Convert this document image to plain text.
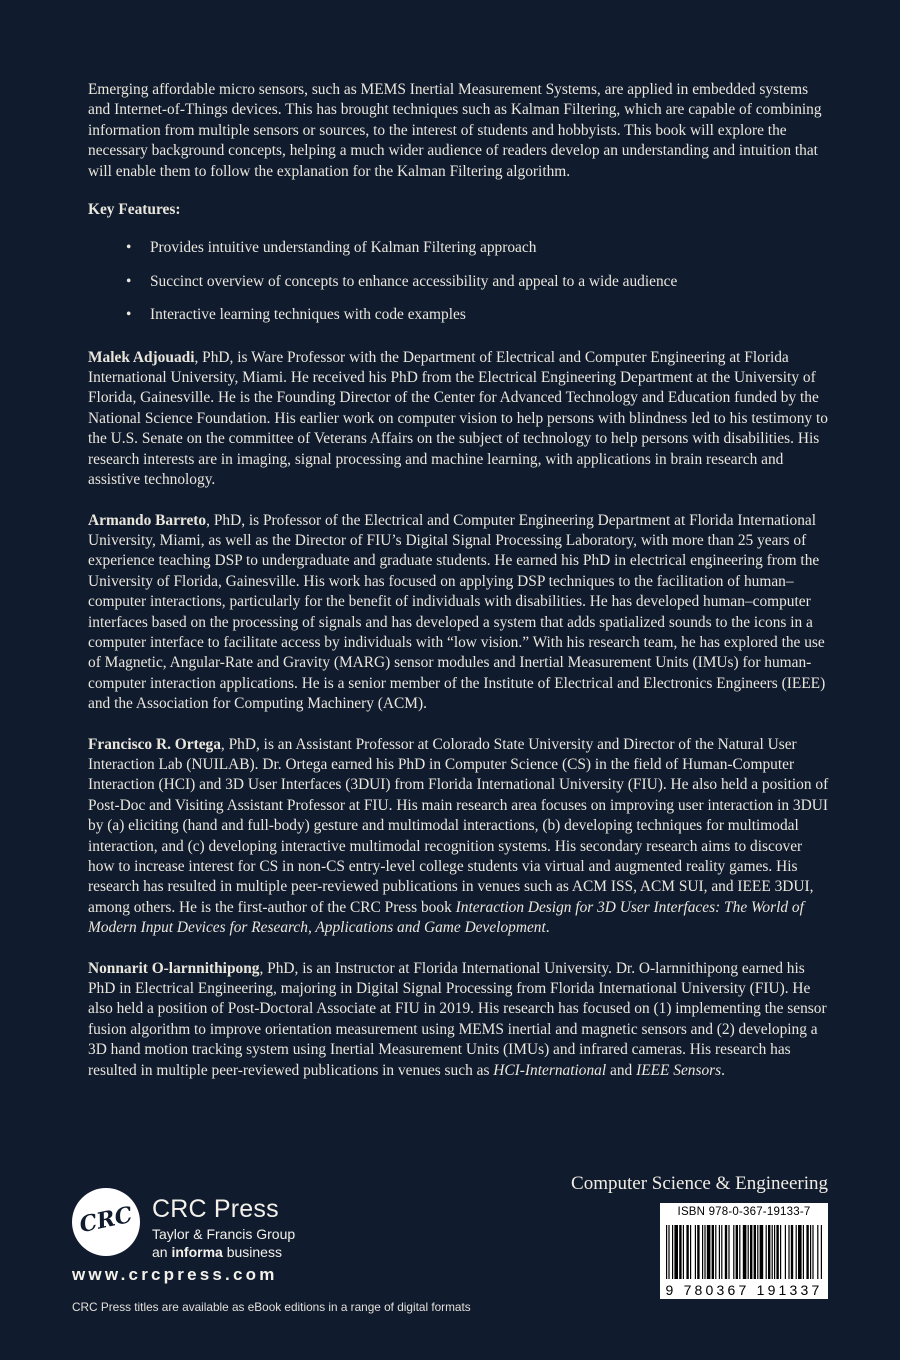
Emerging affordable micro sensors, such as MEMS Inertial Measurement Systems, are applied in embedded systems and Internet-of-Things devices. This has brought techniques such as Kalman Filtering, which are capable of combining information from multiple sensors or sources, to the interest of students and hobbyists. This book will explore the necessary background concepts, helping a much wider audience of readers develop an understanding and intuition that will enable them to follow the explanation for the Kalman Filtering algorithm.

Key Features:

• Provides intuitive understanding of Kalman Filtering approach
• Succinct overview of concepts to enhance accessibility and appeal to a wide audience
• Interactive learning techniques with code examples

Malek Adjouadi, PhD, is Ware Professor with the Department of Electrical and Computer Engineering at Florida International University, Miami. He received his PhD from the Electrical Engineering Department at the University of Florida, Gainesville. He is the Founding Director of the Center for Advanced Technology and Education funded by the National Science Foundation. His earlier work on computer vision to help persons with blindness led to his testimony to the U.S. Senate on the committee of Veterans Affairs on the subject of technology to help persons with disabilities. His research interests are in imaging, signal processing and machine learning, with applications in brain research and assistive technology.

Armando Barreto, PhD, is Professor of the Electrical and Computer Engineering Department at Florida International University, Miami, as well as the Director of FIU’s Digital Signal Processing Laboratory, with more than 25 years of experience teaching DSP to undergraduate and graduate students. He earned his PhD in electrical engineering from the University of Florida, Gainesville. His work has focused on applying DSP techniques to the facilitation of human–computer interactions, particularly for the benefit of individuals with disabilities. He has developed human–computer interfaces based on the processing of signals and has developed a system that adds spatialized sounds to the icons in a computer interface to facilitate access by individuals with “low vision.” With his research team, he has explored the use of Magnetic, Angular-Rate and Gravity (MARG) sensor modules and Inertial Measurement Units (IMUs) for human-computer interaction applications. He is a senior member of the Institute of Electrical and Electronics Engineers (IEEE) and the Association for Computing Machinery (ACM).

Francisco R. Ortega, PhD, is an Assistant Professor at Colorado State University and Director of the Natural User Interaction Lab (NUILAB). Dr. Ortega earned his PhD in Computer Science (CS) in the field of Human-Computer Interaction (HCI) and 3D User Interfaces (3DUI) from Florida International University (FIU). He also held a position of Post-Doc and Visiting Assistant Professor at FIU. His main research area focuses on improving user interaction in 3DUI by (a) eliciting (hand and full-body) gesture and multimodal interactions, (b) developing techniques for multimodal interaction, and (c) developing interactive multimodal recognition systems. His secondary research aims to discover how to increase interest for CS in non-CS entry-level college students via virtual and augmented reality games. His research has resulted in multiple peer-reviewed publications in venues such as ACM ISS, ACM SUI, and IEEE 3DUI, among others. He is the first-author of the CRC Press book Interaction Design for 3D User Interfaces: The World of Modern Input Devices for Research, Applications and Game Development.

Nonnarit O-larnnithipong, PhD, is an Instructor at Florida International University. Dr. O-larnnithipong earned his PhD in Electrical Engineering, majoring in Digital Signal Processing from Florida International University (FIU). He also held a position of Post-Doctoral Associate at FIU in 2019. His research has focused on (1) implementing the sensor fusion algorithm to improve orientation measurement using MEMS inertial and magnetic sensors and (2) developing a 3D hand motion tracking system using Inertial Measurement Units (IMUs) and infrared cameras. His research has resulted in multiple peer-reviewed publications in venues such as HCI-International and IEEE Sensors.

Computer Science & Engineering
ISBN 978-0-367-19133-7
9 780367 191337
CRC CRC Press
Taylor & Francis Group
an informa business
www.crcpress.com
CRC Press titles are available as eBook editions in a range of digital formats
